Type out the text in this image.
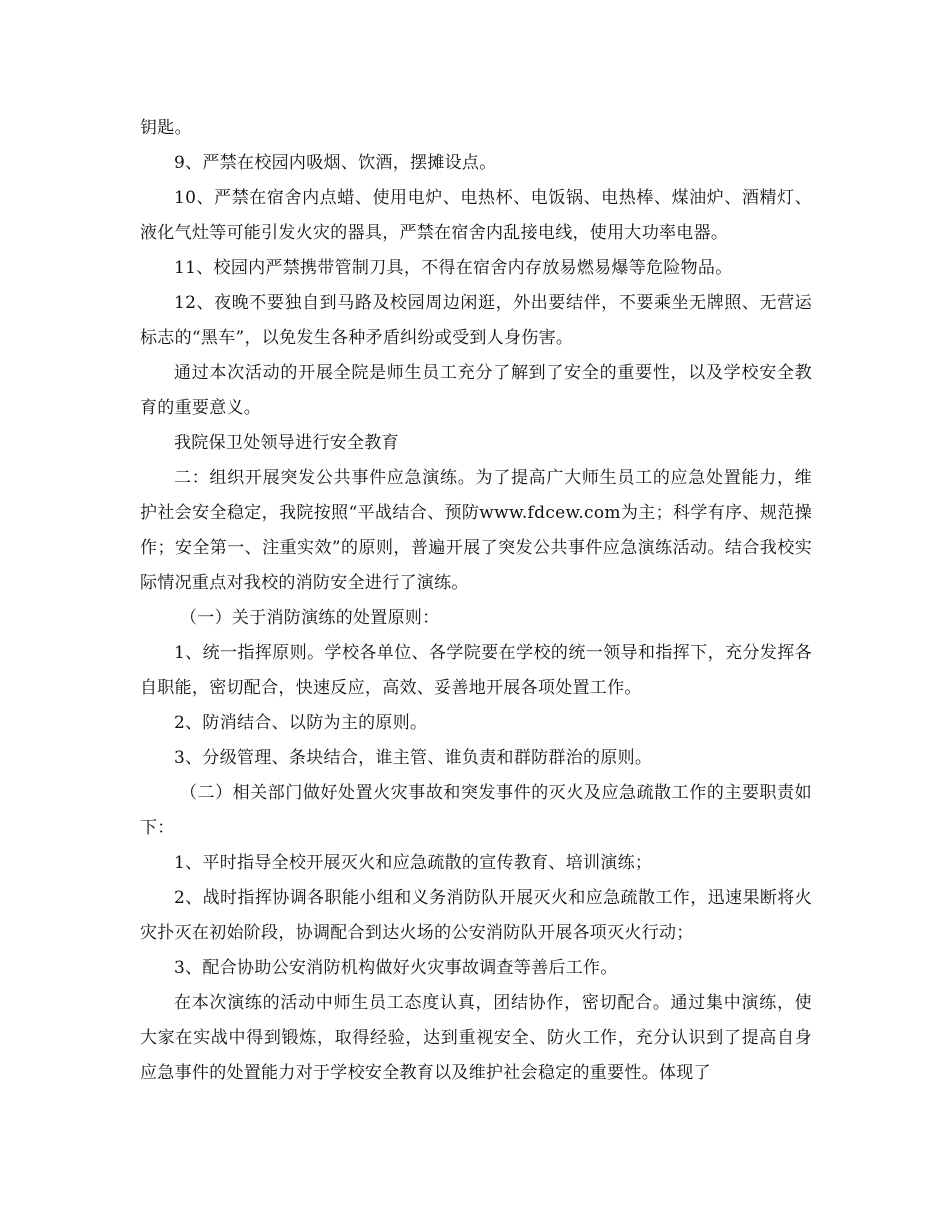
钥匙。

9、严禁在校园内吸烟、饮酒，摆摊设点。

10、严禁在宿舍内点蜡、使用电炉、电热杯、电饭锅、电热棒、煤油炉、酒精灯、液化气灶等可能引发火灾的器具，严禁在宿舍内乱接电线，使用大功率电器。

11、校园内严禁携带管制刀具，不得在宿舍内存放易燃易爆等危险物品。

12、夜晚不要独自到马路及校园周边闲逛，外出要结伴，不要乘坐无牌照、无营运标志的“黑车”，以免发生各种矛盾纠纷或受到人身伤害。

通过本次活动的开展全院是师生员工充分了解到了安全的重要性，以及学校安全教育的重要意义。

我院保卫处领导进行安全教育

二：组织开展突发公共事件应急演练。为了提高广大师生员工的应急处置能力，维护社会安全稳定，我院按照“平战结合、预防www.fdcew.com为主；科学有序、规范操作；安全第一、注重实效”的原则，普遍开展了突发公共事件应急演练活动。结合我校实际情况重点对我校的消防安全进行了演练。

（一）关于消防演练的处置原则：

1、统一指挥原则。学校各单位、各学院要在学校的统一领导和指挥下，充分发挥各自职能，密切配合，快速反应，高效、妥善地开展各项处置工作。

2、防消结合、以防为主的原则。

3、分级管理、条块结合，谁主管、谁负责和群防群治的原则。

（二）相关部门做好处置火灾事故和突发事件的灭火及应急疏散工作的主要职责如下：

1、平时指导全校开展灭火和应急疏散的宣传教育、培训演练；

2、战时指挥协调各职能小组和义务消防队开展灭火和应急疏散工作，迅速果断将火灾扑灭在初始阶段，协调配合到达火场的公安消防队开展各项灭火行动；

3、配合协助公安消防机构做好火灾事故调查等善后工作。

在本次演练的活动中师生员工态度认真，团结协作，密切配合。通过集中演练，使大家在实战中得到锻炼，取得经验，达到重视安全、防火工作，充分认识到了提高自身应急事件的处置能力对于学校安全教育以及维护社会稳定的重要性。体现了
